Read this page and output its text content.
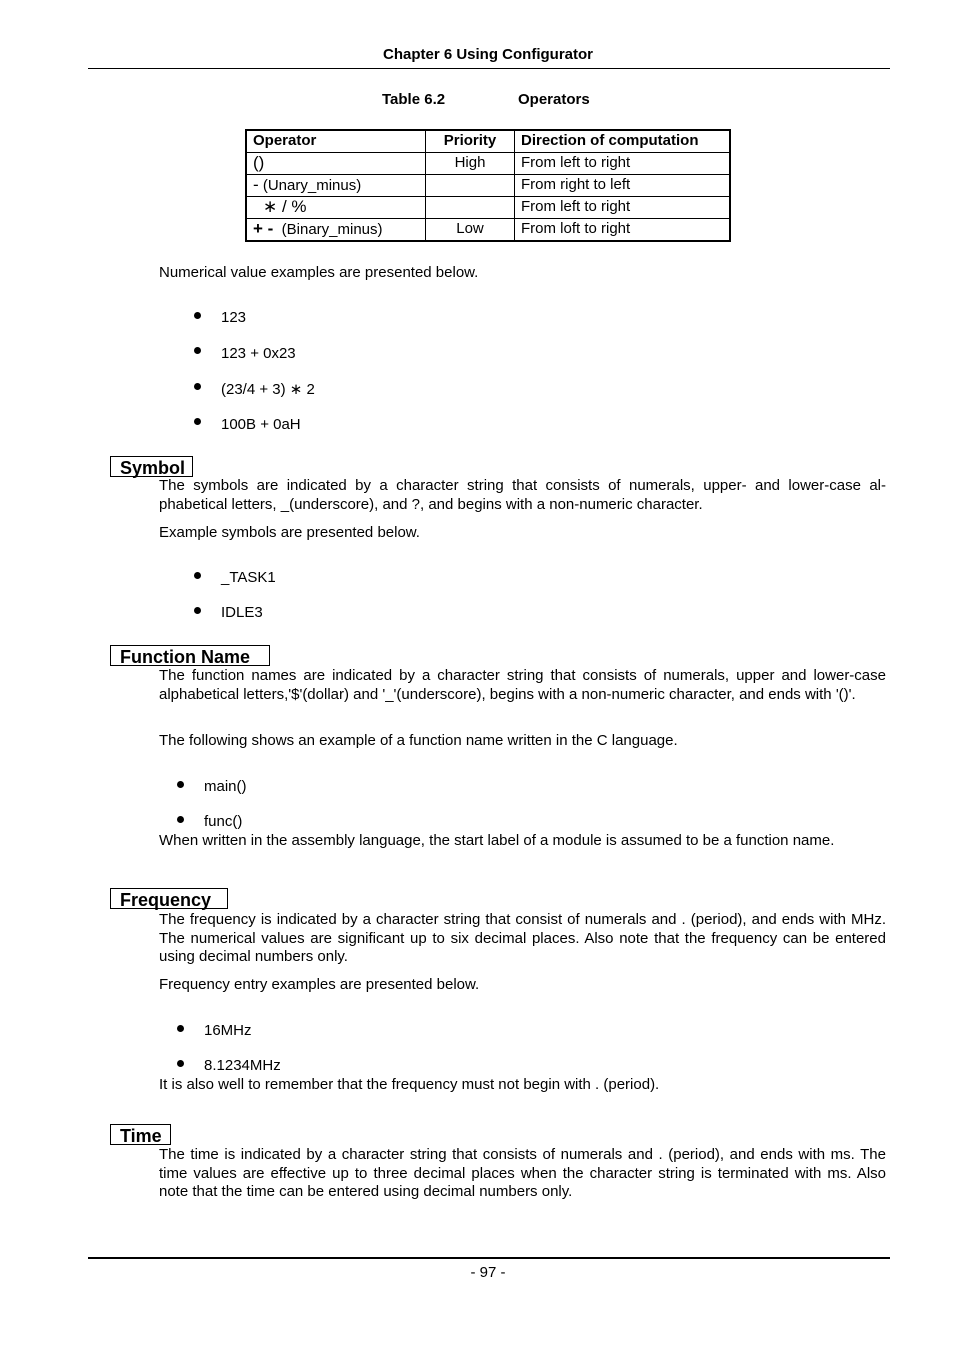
Chapter 6 Using Configurator
Table 6.2	Operators
Operator	Priority	Direction of computation
()	High	From left to right
- (Unary_minus)		From right to left
∗ / %		From left to right
+ - (Binary_minus)	Low	From loft to right
Numerical value examples are presented below.
123
123 + 0x23
(23/4 + 3) ∗ 2
100B + 0aH
Symbol
The symbols are indicated by a character string that consists of numerals, upper- and lower-case al-phabetical letters, _(underscore), and ?, and begins with a non-numeric character.
Example symbols are presented below.
_TASK1
IDLE3
Function Name
The function names are indicated by a character string that consists of numerals, upper and lower-case alphabetical letters,'$'(dollar) and '_'(underscore), begins with a non-numeric character, and ends with '()'.
The following shows an example of a function name written in the C language.
main()
func()
When written in the assembly language, the start label of a module is assumed to be a function name.
Frequency
The frequency is indicated by a character string that consist of numerals and . (period), and ends with MHz. The numerical values are significant up to six decimal places. Also note that the frequency can be entered using decimal numbers only.
Frequency entry examples are presented below.
16MHz
8.1234MHz
It is also well to remember that the frequency must not begin with . (period).
Time
The time is indicated by a character string that consists of numerals and . (period), and ends with ms. The time values are effective up to three decimal places when the character string is terminated with ms. Also note that the time can be entered using decimal numbers only.
- 97 -
